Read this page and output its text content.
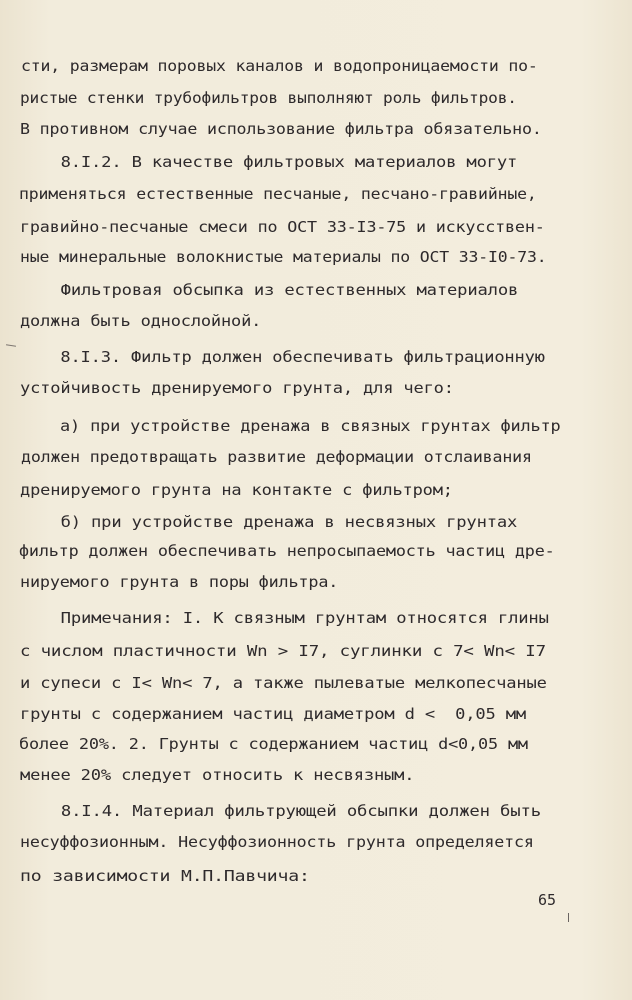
сти, размерам поровых каналов и водопроницаемости по-
ристые стенки трубофильтров выполняют роль фильтров.
В противном случае использование фильтра обязательно.
8.I.2. В качестве фильтровых материалов могут
применяться естественные песчаные, песчано-гравийные,
гравийно-песчаные смеси по ОСТ 33-I3-75 и искусствен-
ные минеральные волокнистые материалы по ОСТ 33-I0-73.
Фильтровая обсыпка из естественных материалов
должна быть однослойной.
8.I.3. Фильтр должен обеспечивать фильтрационную
устойчивость дренируемого грунта, для чего:
а) при устройстве дренажа в связных грунтах фильтр
должен предотвращать развитие деформации отслаивания
дренируемого грунта на контакте с фильтром;
б) при устройстве дренажа в несвязных грунтах
фильтр должен обеспечивать непросыпаемость частиц дре-
нируемого грунта в поры фильтра.
Примечания: I. К связным грунтам относятся глины
с числом пластичности Wn > I7, суглинки с 7< Wn< I7
и супеси с I< Wn< 7, а также пылеватые мелкопесчаные
грунты с содержанием частиц диаметром d <  0,05 мм
более 20%. 2. Грунты с содержанием частиц d<0,05 мм
менее 20% следует относить к несвязным.
8.I.4. Материал фильтрующей обсыпки должен быть
несуффозионным. Несуффозионность грунта определяется
по зависимости М.П.Павчича:
65
